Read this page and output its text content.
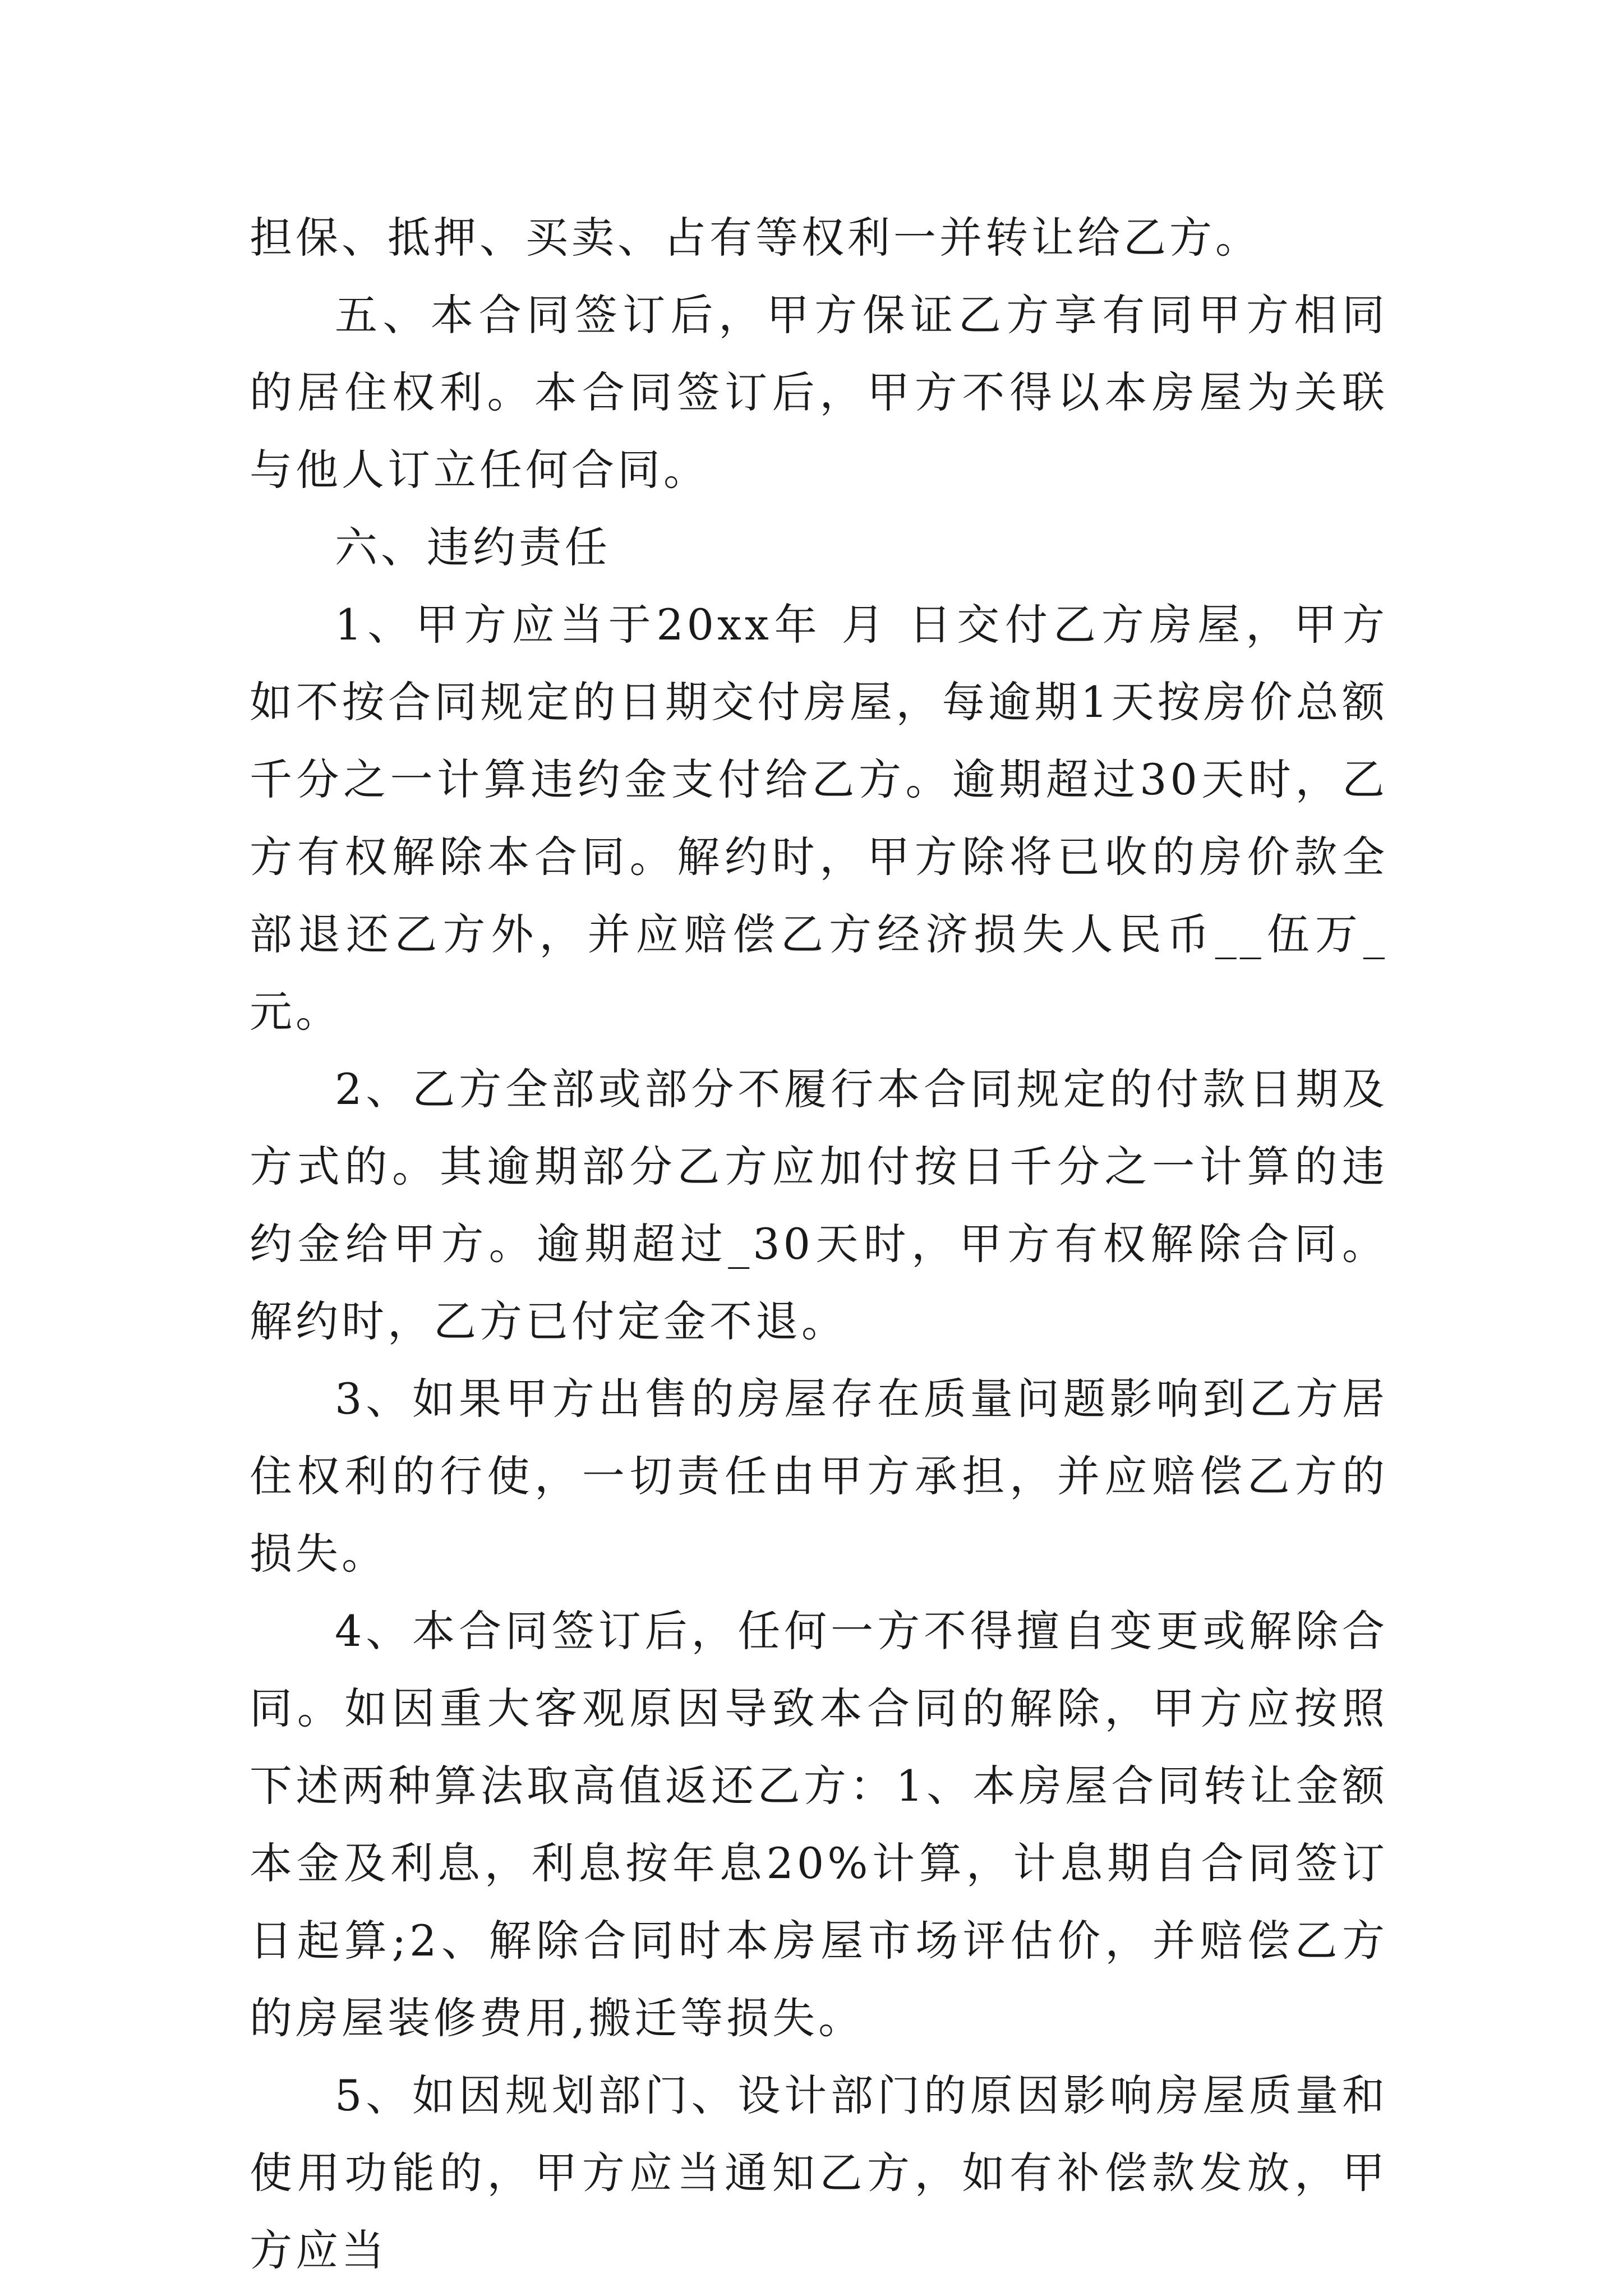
担保、抵押、买卖、占有等权利一并转让给乙方。

五、本合同签订后，甲方保证乙方享有同甲方相同的居住权利。本合同签订后，甲方不得以本房屋为关联与他人订立任何合同。

六、违约责任

1、甲方应当于20xx年 月 日交付乙方房屋，甲方如不按合同规定的日期交付房屋，每逾期1天按房价总额千分之一计算违约金支付给乙方。逾期超过30天时，乙方有权解除本合同。解约时，甲方除将已收的房价款全部退还乙方外，并应赔偿乙方经济损失人民币__伍万_元。

2、乙方全部或部分不履行本合同规定的付款日期及方式的。其逾期部分乙方应加付按日千分之一计算的违约金给甲方。逾期超过_30天时，甲方有权解除合同。解约时，乙方已付定金不退。

3、如果甲方出售的房屋存在质量问题影响到乙方居住权利的行使，一切责任由甲方承担，并应赔偿乙方的损失。

4、本合同签订后，任何一方不得擅自变更或解除合同。如因重大客观原因导致本合同的解除，甲方应按照下述两种算法取高值返还乙方：1、本房屋合同转让金额本金及利息，利息按年息20%计算，计息期自合同签订日起算;2、解除合同时本房屋市场评估价，并赔偿乙方的房屋装修费用,搬迁等损失。

5、如因规划部门、设计部门的原因影响房屋质量和使用功能的，甲方应当通知乙方，如有补偿款发放，甲方应当
